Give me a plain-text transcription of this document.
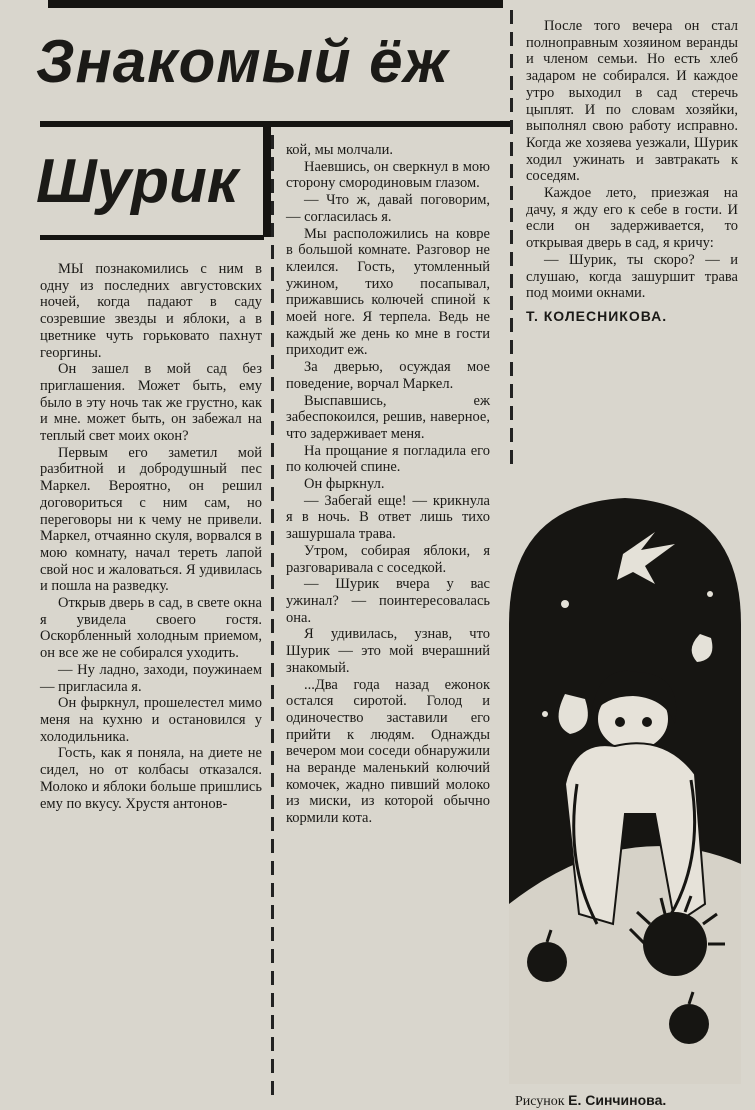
Знакомый ёж
Шурик

МЫ познакомились с ним в одну из последних августовских ночей, когда падают в саду созревшие звезды и яблоки, а в цветнике чуть горьковато пахнут георгины.

Он зашел в мой сад без приглашения. Может быть, ему было в эту ночь так же грустно, как и мне. может быть, он забежал на теплый свет моих окон?

Первым его заметил мой разбитной и добродушный пес Маркел. Вероятно, он решил договориться с ним сам, но переговоры ни к чему не привели. Маркел, отчаянно скуля, ворвался в мою комнату, начал тереть лапой свой нос и жаловаться. Я удивилась и пошла на разведку.

Открыв дверь в сад, в свете окна я увидела своего гостя. Оскорбленный холодным приемом, он все же не собирался уходить.

— Ну ладно, заходи, поужинаем — пригласила я.

Он фыркнул, прошелестел мимо меня на кухню и остановился у холодильника.

Гость, как я поняла, на диете не сидел, но от колбасы отказался. Молоко и яблоки больше пришлись ему по вкусу. Хрустя антонов-

кой, мы молчали.

Наевшись, он сверкнул в мою сторону смородиновым глазом.

— Что ж, давай поговорим, — согласилась я.

Мы расположились на ковре в большой комнате. Разговор не клеился. Гость, утомленный ужином, тихо посапывал, прижавшись колючей спиной к моей ноге. Я терпела. Ведь не каждый же день ко мне в гости приходит еж.

За дверью, осуждая мое поведение, ворчал Маркел.

Выспавшись, еж забеспокоился, решив, наверное, что задерживает меня.

На прощание я погладила его по колючей спине.

Он фыркнул.

— Забегай еще! — крикнула я в ночь. В ответ лишь тихо зашуршала трава.

Утром, собирая яблоки, я разговаривала с соседкой.

— Шурик вчера у вас ужинал? — поинтересовалась она.

Я удивилась, узнав, что Шурик — это мой вчерашний знакомый.

...Два года назад ежонок остался сиротой. Голод и одиночество заставили его прийти к людям. Однажды вечером мои соседи обнаружили на веранде маленький колючий комочек, жадно пивший молоко из миски, из которой обычно кормили кота.

После того вечера он стал полноправным хозяином веранды и членом семьи. Но есть хлеб задаром не собирался. И каждое утро выходил в сад стеречь цыплят. И по словам хозяйки, выполнял свою работу исправно. Когда же хозяева уезжали, Шурик ходил ужинать и завтракать к соседям.

Каждое лето, приезжая на дачу, я жду его к себе в гости. И если он задерживается, то открывая дверь в сад, я кричу:

— Шурик, ты скоро? — и слушаю, когда зашуршит трава под моими окнами.

Т. КОЛЕСНИКОВА.

Рисунок Е. Синчинова.
